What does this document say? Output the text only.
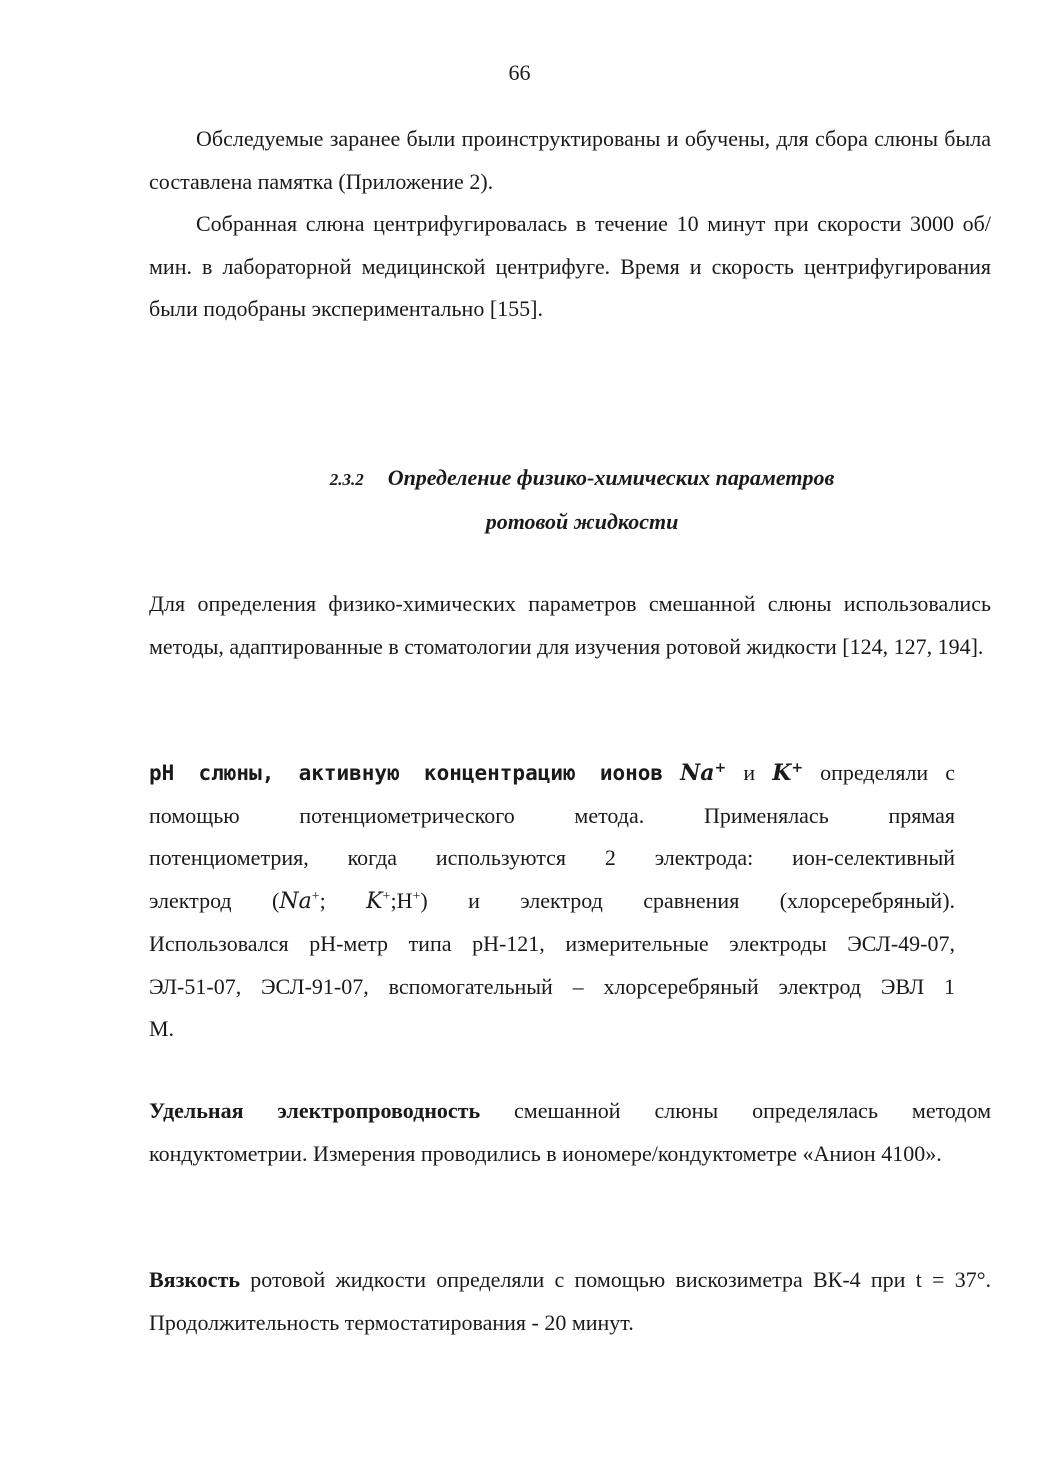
66

Обследуемые заранее были проинструктированы и обучены, для сбора слюны была составлена памятка (Приложение 2).

Собранная слюна центрифугировалась в течение 10 минут при скорости 3000 об/мин. в лабораторной медицинской центрифуге. Время и скорость центрифугирования были подобраны экспериментально [155].

2.3.2 Определение физико-химических параметров
ротовой жидкости

Для определения физико-химических параметров смешанной слюны использовались методы, адаптированные в стоматологии для изучения ротовой жидкости [124, 127, 194].

pH слюны, активную концентрацию ионов Na+ и K+ определяли с
помощью потенциометрического метода. Применялась прямая
потенциометрия, когда используются 2 электрода: ион-селективный
электрод (Na+; K+;H+) и электрод сравнения (хлорсеребряный).
Использовался pH-метр типа pH-121, измерительные электроды ЭСЛ-49-07,
ЭЛ-51-07, ЭСЛ-91-07, вспомогательный – хлорсеребряный электрод ЭВЛ 1
М.

Удельная электропроводность смешанной слюны определялась методом кондуктометрии. Измерения проводились в иономере/кондуктометре «Анион 4100».

Вязкость ротовой жидкости определяли с помощью вискозиметра ВК-4 при t = 37°. Продолжительность термостатирования - 20 минут.
